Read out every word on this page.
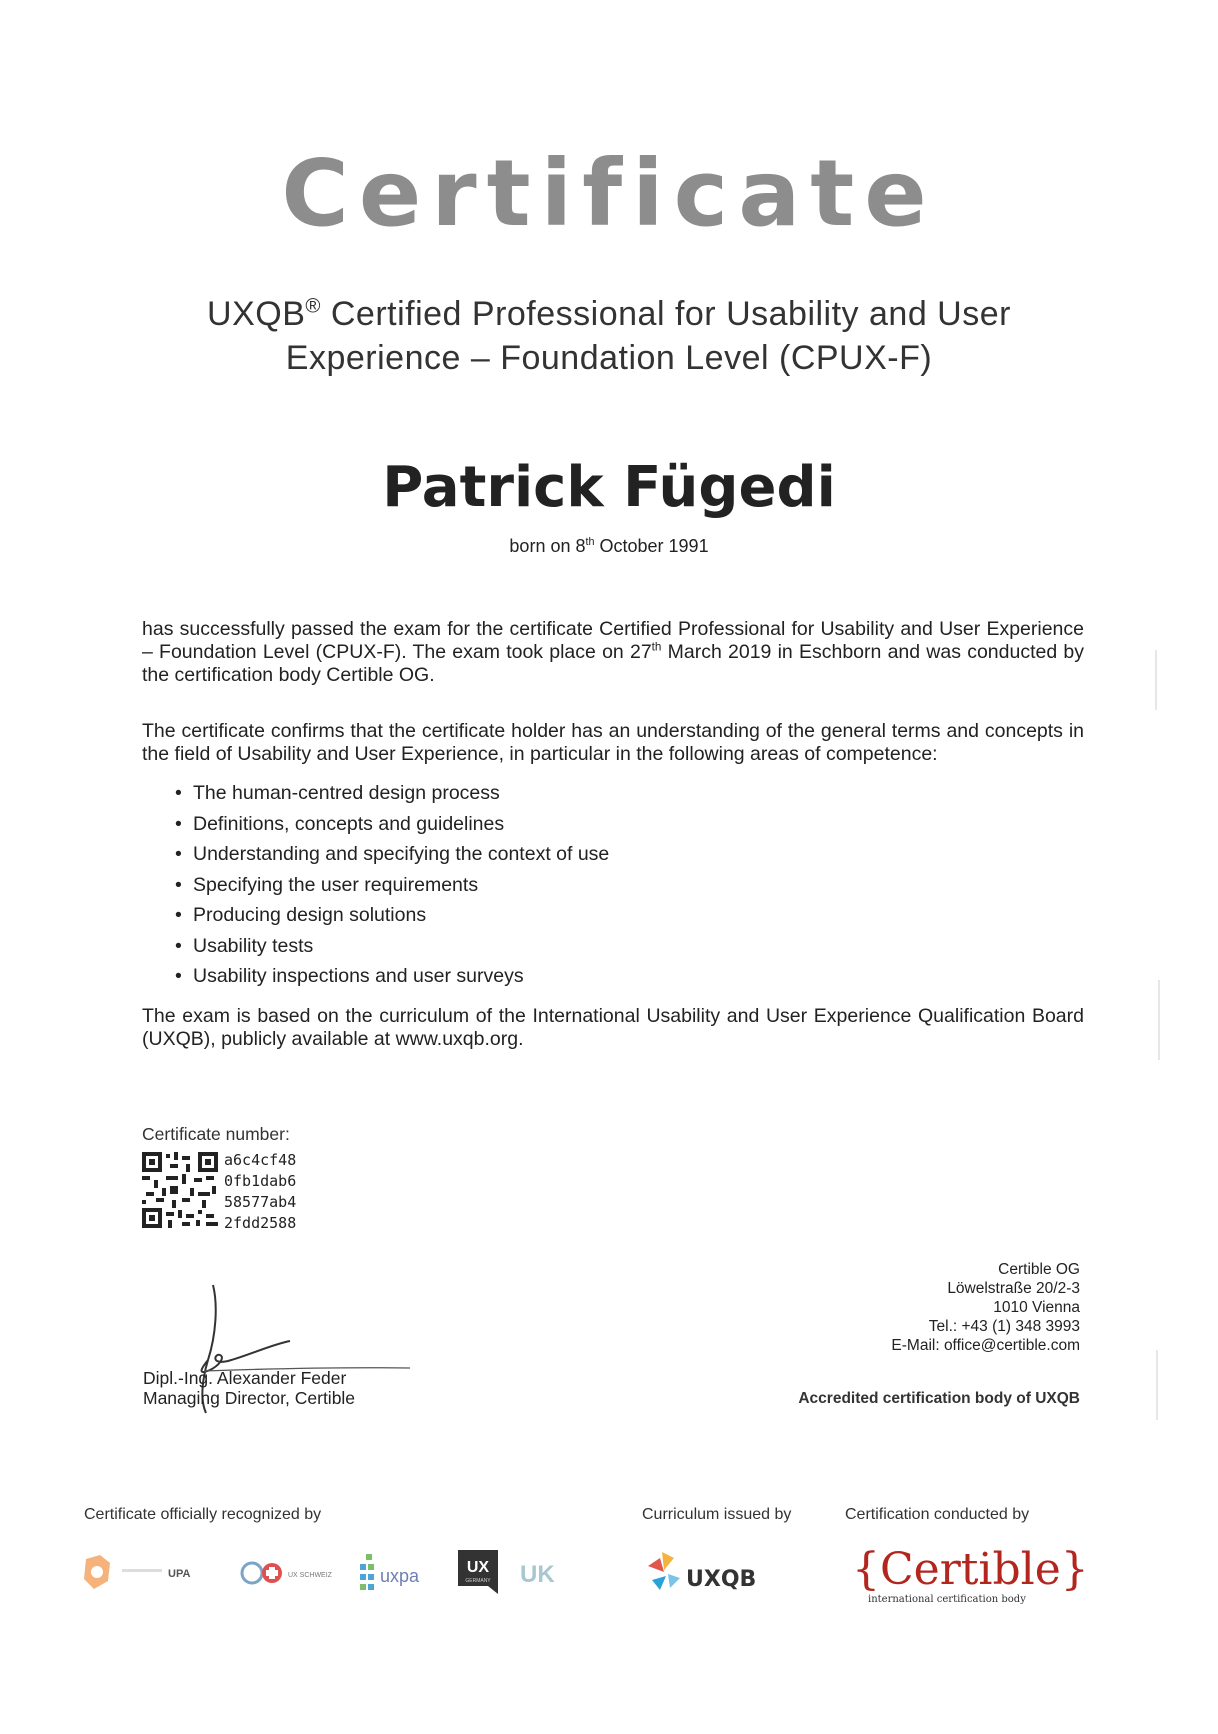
Certificate
UXQB® Certified Professional for Usability and User
Experience – Foundation Level (CPUX-F)
Patrick Fügedi
born on 8th October 1991
has successfully passed the exam for the certificate Certified Professional for Usability and User Experience – Foundation Level (CPUX-F). The exam took place on 27th March 2019 in Eschborn and was conducted by the certification body Certible OG.
The certificate confirms that the certificate holder has an understanding of the general terms and concepts in the field of Usability and User Experience, in particular in the following areas of competence:
• The human-centred design process
• Definitions, concepts and guidelines
• Understanding and specifying the context of use
• Specifying the user requirements
• Producing design solutions
• Usability tests
• Usability inspections and user surveys
The exam is based on the curriculum of the International Usability and User Experience Qualification Board (UXQB), publicly available at www.uxqb.org.
Certificate number:
a6c4cf48
0fb1dab6
58577ab4
2fdd2588
Dipl.-Ing. Alexander Feder
Managing Director, Certible
Certible OG
Löwelstraße 20/2-3
1010 Vienna
Tel.: +43 (1) 348 3993
E-Mail: office@certible.com
Accredited certification body of UXQB
Certificate officially recognized by	Curriculum issued by	Certification conducted by
UPA	UX SCHWEIZ	uxpa	UX
GERMANY UK	UXQB {Certible}
international certification body
